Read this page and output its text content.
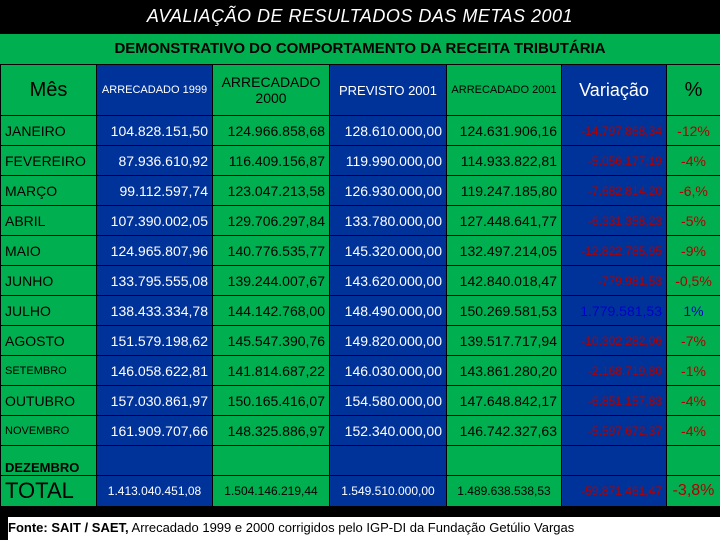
AVALIAÇÃO DE RESULTADOS DAS METAS 2001
DEMONSTRATIVO DO COMPORTAMENTO DA RECEITA TRIBUTÁRIA
Mês	ARRECADADO 1999	ARRECADADO 2000	PREVISTO 2001	ARRECADADO 2001	Variação	%
JANEIRO	104.828.151,50	124.966.858,68	128.610.000,00	124.631.906,16	-14.797.868,34	-12%
FEVEREIRO	87.936.610,92	116.409.156,87	119.990.000,00	114.933.822,81	-5.056.177,19	-4%
MARÇO	99.112.597,74	123.047.213,58	126.930.000,00	119.247.185,80	-7.682.814,20	-6,%
ABRIL	107.390.002,05	129.706.297,84	133.780.000,00	127.448.641,77	-6.331.358,23	-5%
MAIO	124.965.807,96	140.776.535,77	145.320.000,00	132.497.214,05	-12.822.785,95	-9%
JUNHO	133.795.555,08	139.244.007,67	143.620.000,00	142.840.018,47	-779.981,53	-0,5%
JULHO	138.433.334,78	144.142.768,00	148.490.000,00	150.269.581,53	1.779.581,53	1%
AGOSTO	151.579.198,62	145.547.390,76	149.820.000,00	139.517.717,94	-10.302.282,06	-7%
SETEMBRO	146.058.622,81	141.814.687,22	146.030.000,00	143.861.280,20	-2.168.719,80	-1%
OUTUBRO	157.030.861,97	150.165.416,07	154.580.000,00	147.648.842,17	-6.851.157,83	-4%
NOVEMBRO	161.909.707,66	148.325.886,97	152.340.000,00	146.742.327,63	-5.597.672,37	-4%
DEZEMBRO						
TOTAL	1.413.040.451,08	1.504.146.219,44	1.549.510.000,00	1.489.638.538,53	-59.871.461,47	-3,8%
Fonte: SAIT / SAET, Arrecadado 1999 e 2000 corrigidos pelo IGP-DI da Fundação Getúlio Vargas
